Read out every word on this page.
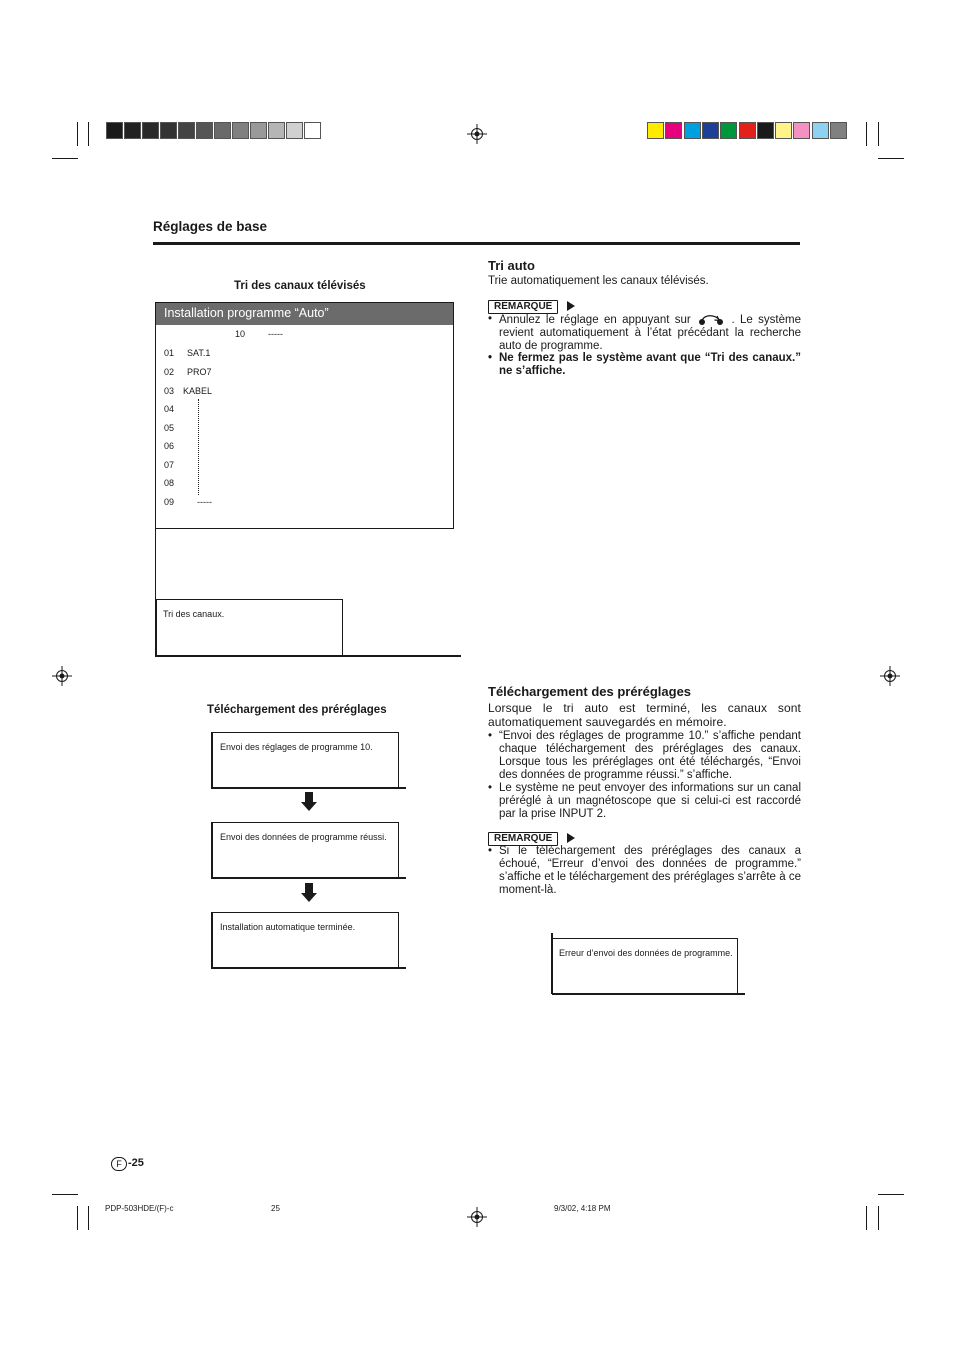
Réglages de base
Tri des canaux télévisés
Installation programme “Auto”
10	-----
01 SAT.1
02 PRO7
03 KABEL
04
05
06
07
08
09	-----
Tri des canaux.
Tri auto
Trie automatiquement les canaux télévisés.
REMARQUE
• Annulez le réglage en appuyant sur	. Le système revient automatiquement à l’état précédant la recherche auto de programme.
• Ne fermez pas le système avant que “Tri des canaux.” ne s’affiche.
Téléchargement des préréglages
Envoi des réglages de programme 10.
Envoi des données de programme réussi.
Installation automatique terminée.
Téléchargement des préréglages
Lorsque le tri auto est terminé, les canaux sont automatiquement sauvegardés en mémoire.
• “Envoi des réglages de programme 10.” s’affiche pendant chaque téléchargement des préréglages des canaux. Lorsque tous les préréglages ont été téléchargés, “Envoi des données de programme réussi.” s’affiche.
• Le système ne peut envoyer des informations sur un canal préréglé à un magnétoscope que si celui-ci est raccordé par la prise INPUT 2.
REMARQUE
• Si le téléchargement des préréglages des canaux a échoué, “Erreur d’envoi des données de programme.” s’affiche et le téléchargement des préréglages s’arrête à ce moment-là.
Erreur d’envoi des données de programme.
F -25
PDP-503HDE/(F)-c	25	9/3/02, 4:18 PM
